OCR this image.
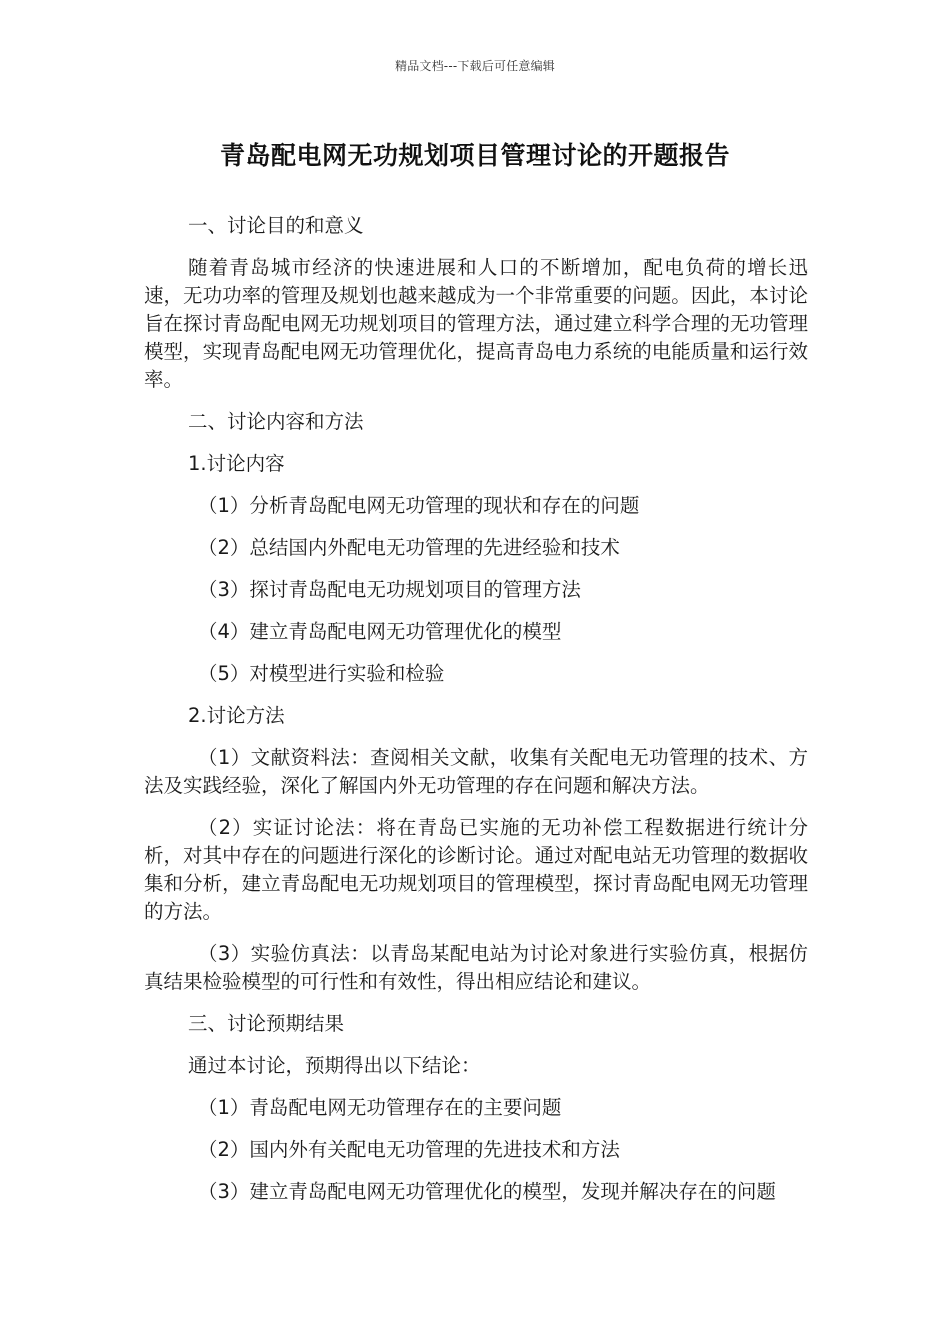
精品文档---下载后可任意编辑
青岛配电网无功规划项目管理讨论的开题报告

一、讨论目的和意义

随着青岛城市经济的快速进展和人口的不断增加，配电负荷的增长迅速，无功功率的管理及规划也越来越成为一个非常重要的问题。因此，本讨论旨在探讨青岛配电网无功规划项目的管理方法，通过建立科学合理的无功管理模型，实现青岛配电网无功管理优化，提高青岛电力系统的电能质量和运行效率。

二、讨论内容和方法

1.讨论内容

（1）分析青岛配电网无功管理的现状和存在的问题

（2）总结国内外配电无功管理的先进经验和技术

（3）探讨青岛配电无功规划项目的管理方法

（4）建立青岛配电网无功管理优化的模型

（5）对模型进行实验和检验

2.讨论方法

（1）文献资料法：查阅相关文献，收集有关配电无功管理的技术、方法及实践经验，深化了解国内外无功管理的存在问题和解决方法。

（2）实证讨论法：将在青岛已实施的无功补偿工程数据进行统计分析，对其中存在的问题进行深化的诊断讨论。通过对配电站无功管理的数据收集和分析，建立青岛配电无功规划项目的管理模型，探讨青岛配电网无功管理的方法。

（3）实验仿真法：以青岛某配电站为讨论对象进行实验仿真，根据仿真结果检验模型的可行性和有效性，得出相应结论和建议。

三、讨论预期结果

通过本讨论，预期得出以下结论：

（1）青岛配电网无功管理存在的主要问题

（2）国内外有关配电无功管理的先进技术和方法

（3）建立青岛配电网无功管理优化的模型，发现并解决存在的问题
